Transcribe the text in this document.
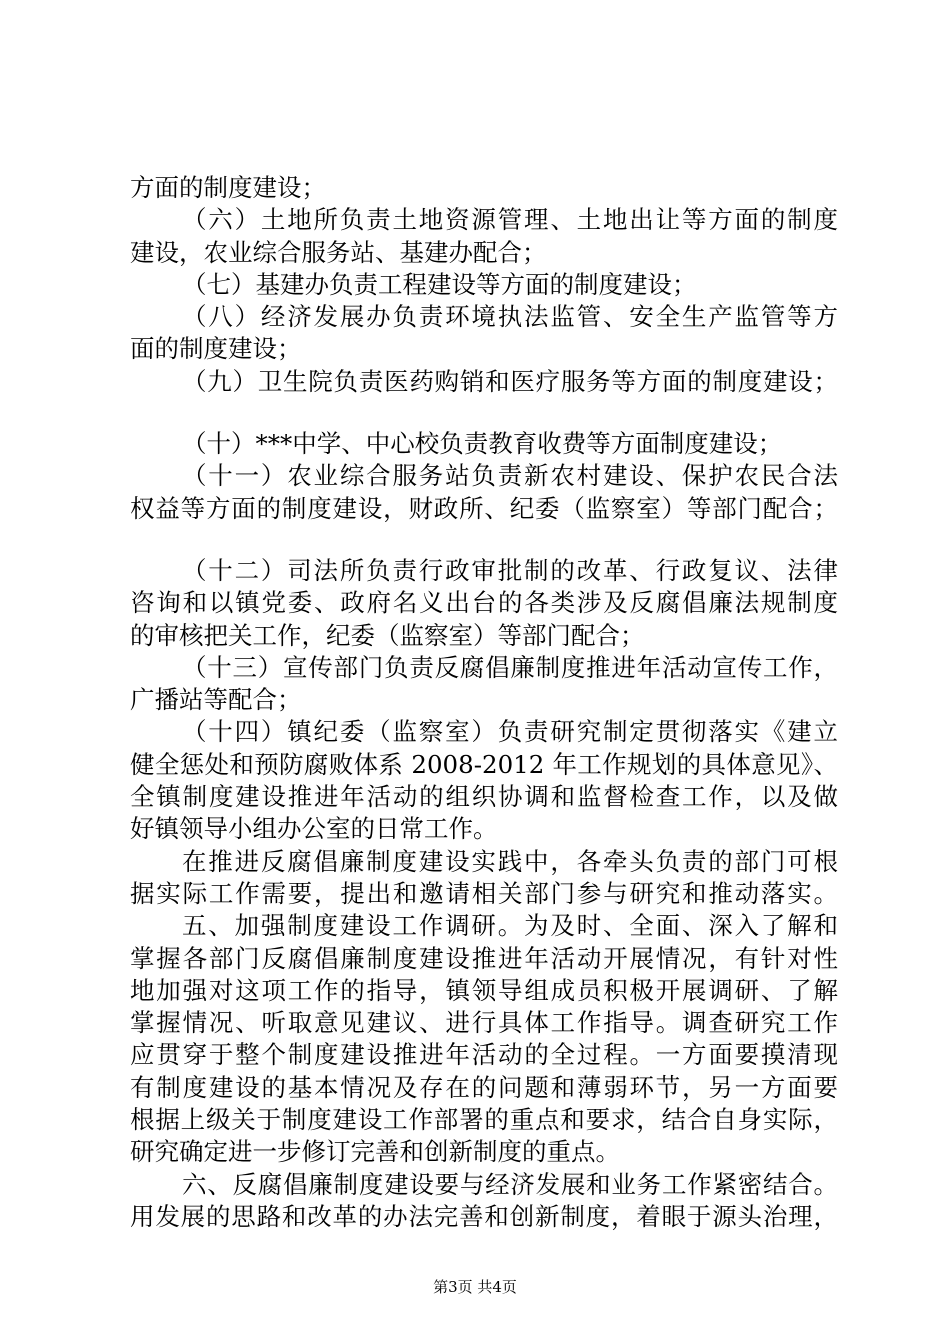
方面的制度建设；
（六）土地所负责土地资源管理、土地出让等方面的制度
建设，农业综合服务站、基建办配合；
（七）基建办负责工程建设等方面的制度建设；
（八）经济发展办负责环境执法监管、安全生产监管等方
面的制度建设；
（九）卫生院负责医药购销和医疗服务等方面的制度建设；
（十）***中学、中心校负责教育收费等方面制度建设；
（十一）农业综合服务站负责新农村建设、保护农民合法
权益等方面的制度建设，财政所、纪委（监察室）等部门配合；
（十二）司法所负责行政审批制的改革、行政复议、法律
咨询和以镇党委、政府名义出台的各类涉及反腐倡廉法规制度
的审核把关工作，纪委（监察室）等部门配合；
（十三）宣传部门负责反腐倡廉制度推进年活动宣传工作，
广播站等配合；
（十四）镇纪委（监察室）负责研究制定贯彻落实《建立
健全惩处和预防腐败体系 2008-2012 年工作规划的具体意见》、
全镇制度建设推进年活动的组织协调和监督检查工作，以及做
好镇领导小组办公室的日常工作。
在推进反腐倡廉制度建设实践中，各牵头负责的部门可根
据实际工作需要，提出和邀请相关部门参与研究和推动落实。
五、加强制度建设工作调研。为及时、全面、深入了解和
掌握各部门反腐倡廉制度建设推进年活动开展情况，有针对性
地加强对这项工作的指导，镇领导组成员积极开展调研、了解
掌握情况、听取意见建议、进行具体工作指导。调查研究工作
应贯穿于整个制度建设推进年活动的全过程。一方面要摸清现
有制度建设的基本情况及存在的问题和薄弱环节，另一方面要
根据上级关于制度建设工作部署的重点和要求，结合自身实际，
研究确定进一步修订完善和创新制度的重点。
六、反腐倡廉制度建设要与经济发展和业务工作紧密结合。
用发展的思路和改革的办法完善和创新制度，着眼于源头治理，
第3页 共4页
